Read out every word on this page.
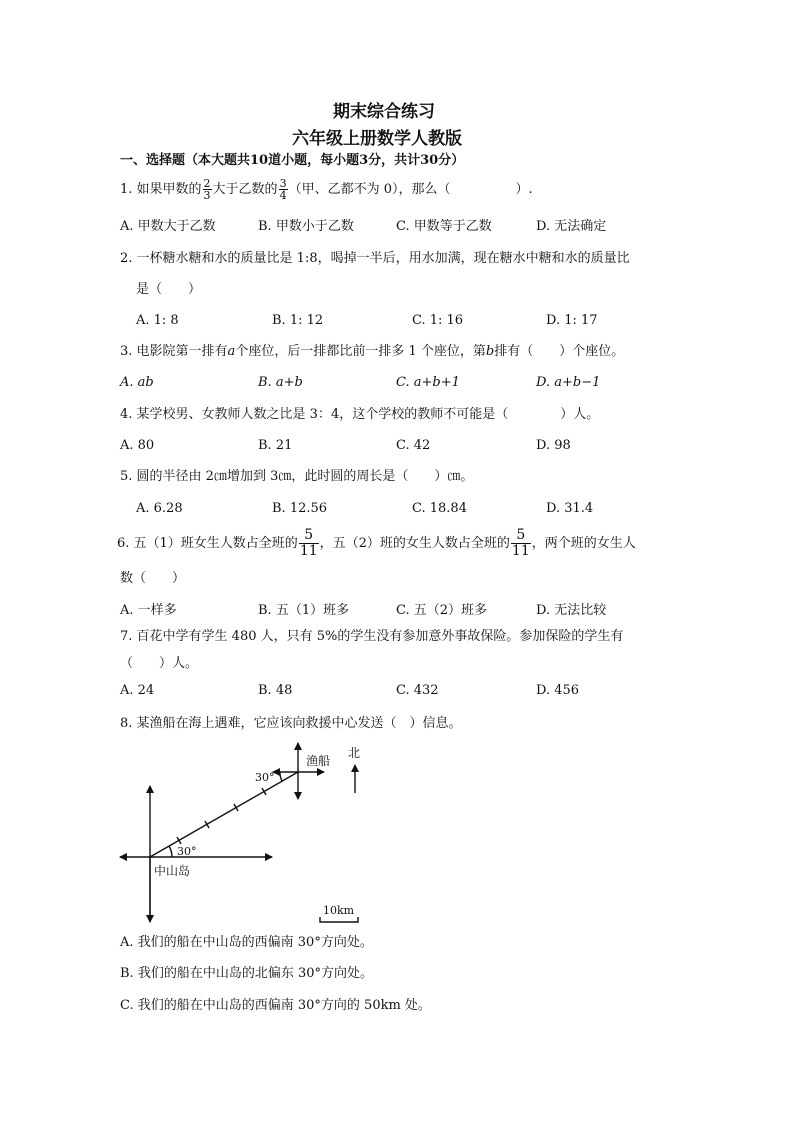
期末综合练习
六年级上册数学人教版
一、选择题（本大题共10道小题，每小题3分，共计30分）
1. 如果甲数的 $\frac{2}{3}$ 大于乙数的 $\frac{3}{4}$ （甲、乙都不为 0），那么（　　　　　）.
A. 甲数大于乙数	B. 甲数小于乙数	C. 甲数等于乙数	D. 无法确定
2. 一杯糖水糖和水的质量比是 1:8，喝掉一半后，用水加满，现在糖水中糖和水的质量比
是（　　）
A. 1: 8	B. 1: 12	C. 1: 16	D. 1: 17
3. 电影院第一排有a个座位，后一排都比前一排多 1 个座位，第b排有（　　）个座位。
A. ab	B. a+b	C. a+b+1	D. a+b−1
4. 某学校男、女教师人数之比是 3：4，这个学校的教师不可能是（　　　　）人。
A. 80	B. 21	C. 42	D. 98
5. 圆的半径由 2㎝增加到 3㎝，此时圆的周长是（　　）㎝。
A. 6.28	B. 12.56	C. 18.84	D. 31.4
6. 五（1）班女生人数占全班的 $\frac{5}{11}$ ，五（2）班的女生人数占全班的 $\frac{5}{11}$ ，两个班的女生人
数（　　）
A. 一样多	B. 五（1）班多	C. 五（2）班多	D. 无法比较
7. 百花中学有学生 480 人，只有 5%的学生没有参加意外事故保险。参加保险的学生有
（　　）人。
A. 24	B. 48	C. 432	D. 456
8. 某渔船在海上遇难，它应该向救援中心发送（　）信息。
渔船
北
30°
30°
中山岛
10km
A. 我们的船在中山岛的西偏南 30°方向处。
B. 我们的船在中山岛的北偏东 30°方向处。
C. 我们的船在中山岛的西偏南 30°方向的 50km 处。
